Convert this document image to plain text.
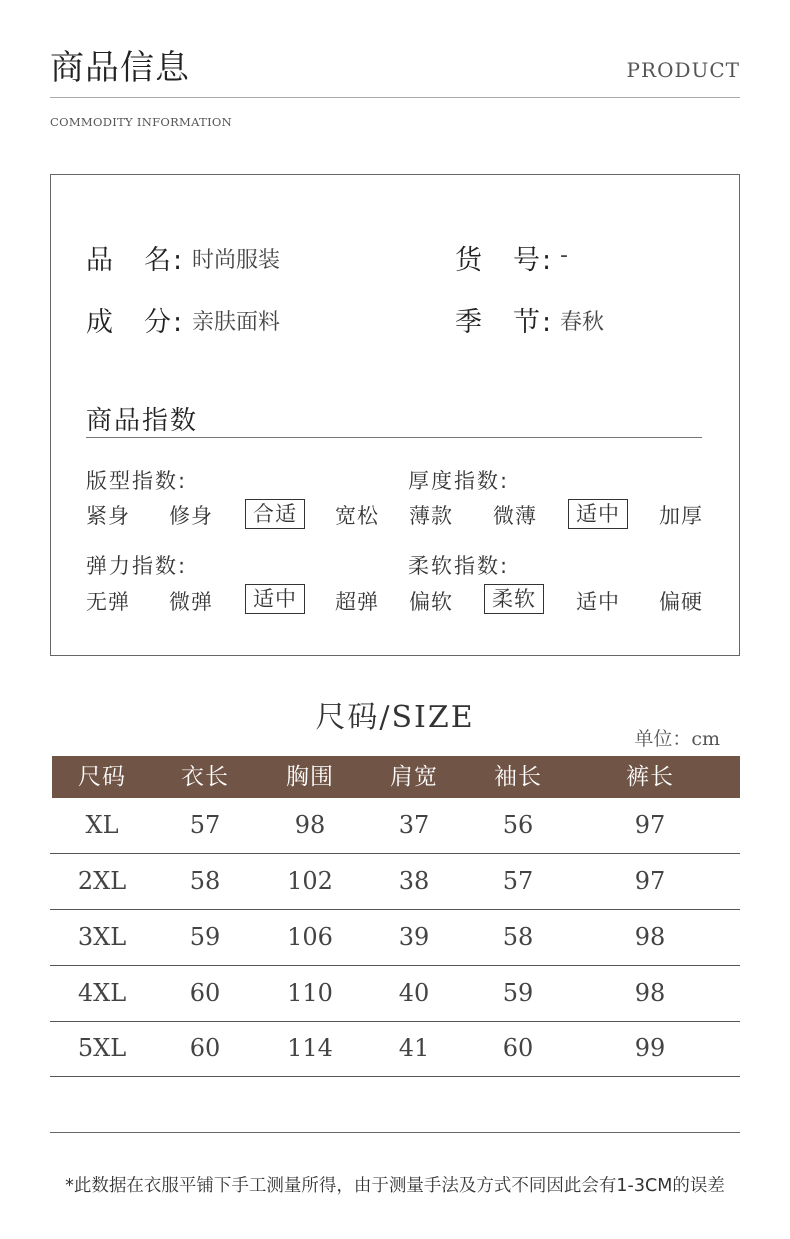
商品信息	PRODUCT
COMMODITY INFORMATION
品　名: 时尚服装	货　号: -
成　分: 亲肤面料	季　节: 春秋
商品指数
版型指数:
紧身	修身	合适	宽松
厚度指数:
薄款	微薄	适中	加厚
弹力指数:
无弹	微弹	适中	超弹
柔软指数:
偏软	柔软	适中	偏硬
尺码/SIZE
单位：cm
尺码	衣长	胸围	肩宽	袖长	裤长
XL	57	98	37	56	97
2XL	58	102	38	57	97
3XL	59	106	39	58	98
4XL	60	110	40	59	98
5XL	60	114	41	60	99
*此数据在衣服平铺下手工测量所得，由于测量手法及方式不同因此会有1-3CM的误差
